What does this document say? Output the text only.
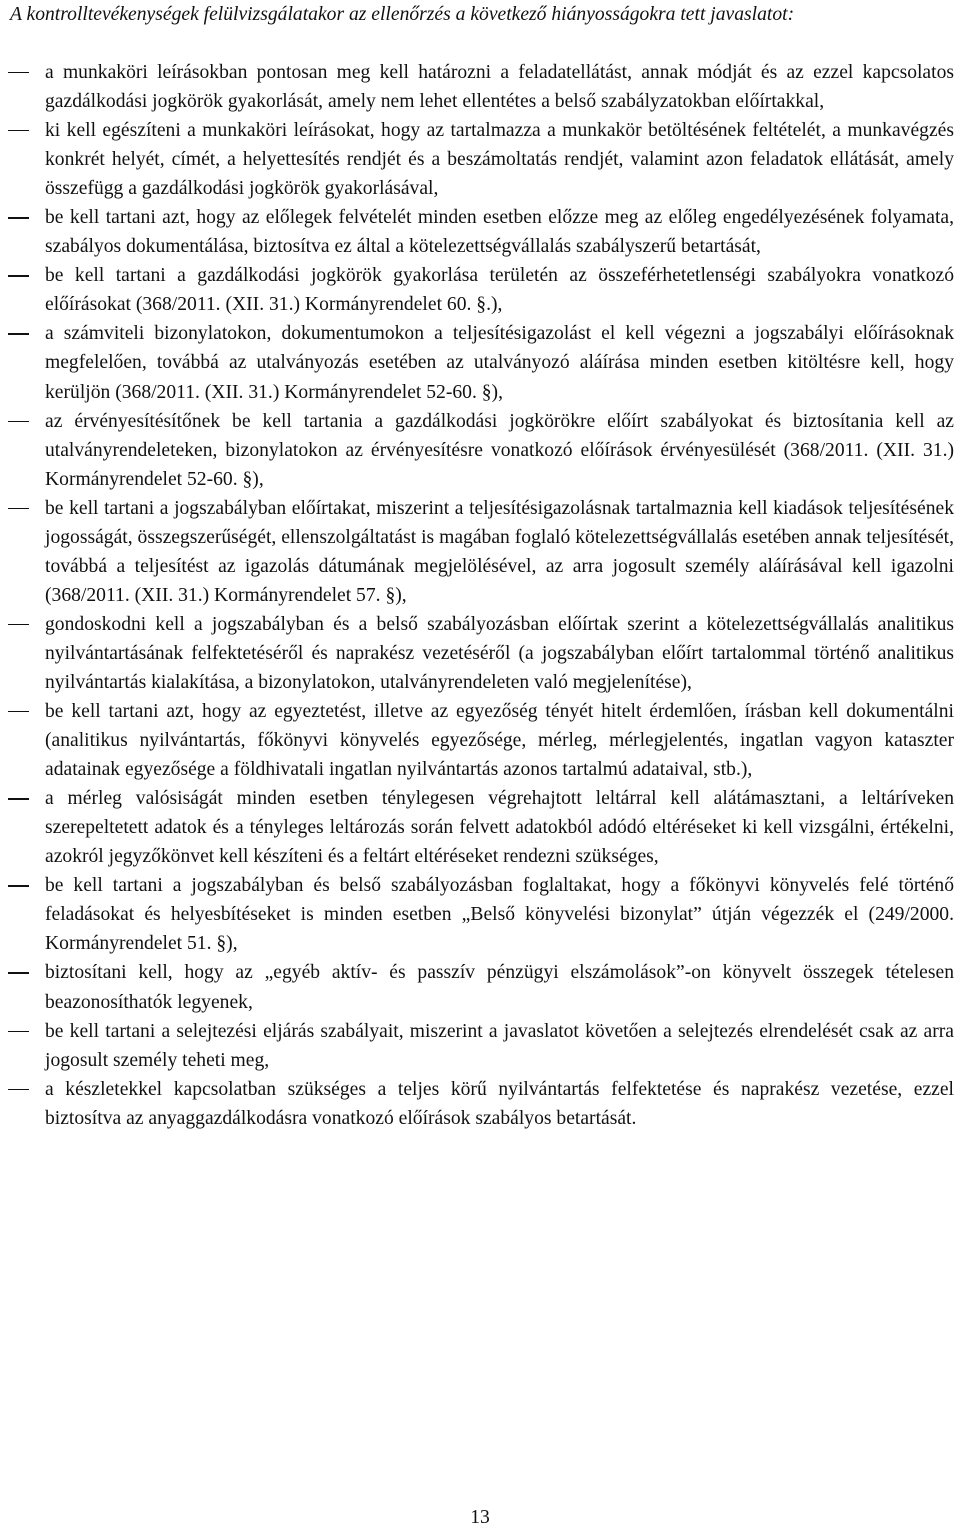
A kontrolltevékenységek felülvizsgálatakor az ellenőrzés a következő hiányosságokra tett javaslatot:

a munkaköri leírásokban pontosan meg kell határozni a feladatellátást, annak módját és az ezzel kapcsolatos gazdálkodási jogkörök gyakorlását, amely nem lehet ellentétes a belső szabályzatokban előírtakkal,
ki kell egészíteni a munkaköri leírásokat, hogy az tartalmazza a munkakör betöltésének feltételét, a munkavégzés konkrét helyét, címét, a helyettesítés rendjét és a beszámoltatás rendjét, valamint azon feladatok ellátását, amely összefügg a gazdálkodási jogkörök gyakorlásával,
be kell tartani azt, hogy az előlegek felvételét minden esetben előzze meg az előleg engedélyezésének folyamata, szabályos dokumentálása, biztosítva ez által a kötelezettségvállalás szabályszerű betartását,
be kell tartani a gazdálkodási jogkörök gyakorlása területén az összeférhetetlenségi szabályokra vonatkozó előírásokat (368/2011. (XII. 31.) Kormányrendelet 60. §.),
a számviteli bizonylatokon, dokumentumokon a teljesítésigazolást el kell végezni a jogszabályi előírásoknak megfelelően, továbbá az utalványozás esetében az utalványozó aláírása minden esetben kitöltésre kell, hogy kerüljön (368/2011. (XII. 31.) Kormányrendelet 52-60. §),
az érvényesítésítőnek be kell tartania a gazdálkodási jogkörökre előírt szabályokat és biztosítania kell az utalványrendeleteken, bizonylatokon az érvényesítésre vonatkozó előírások érvényesülését (368/2011. (XII. 31.) Kormányrendelet 52-60. §),
be kell tartani a jogszabályban előírtakat, miszerint a teljesítésigazolásnak tartalmaznia kell kiadások teljesítésének jogosságát, összegszerűségét, ellenszolgáltatást is magában foglaló kötelezettségvállalás esetében annak teljesítését, továbbá a teljesítést az igazolás dátumának megjelölésével, az arra jogosult személy aláírásával kell igazolni (368/2011. (XII. 31.) Kormányrendelet 57. §),
gondoskodni kell a jogszabályban és a belső szabályozásban előírtak szerint a kötelezettségvállalás analitikus nyilvántartásának felfektetéséről és naprakész vezetéséről (a jogszabályban előírt tartalommal történő analitikus nyilvántartás kialakítása, a bizonylatokon, utalványrendeleten való megjelenítése),
be kell tartani azt, hogy az egyeztetést, illetve az egyezőség tényét hitelt érdemlően, írásban kell dokumentálni (analitikus nyilvántartás, főkönyvi könyvelés egyezősége, mérleg, mérlegjelentés, ingatlan vagyon kataszter adatainak egyezősége a földhivatali ingatlan nyilvántartás azonos tartalmú adataival, stb.),
a mérleg valósiságát minden esetben ténylegesen végrehajtott leltárral kell alátámasztani, a leltáríveken szerepeltetett adatok és a tényleges leltározás során felvett adatokból adódó eltéréseket ki kell vizsgálni, értékelni, azokról jegyzőkönvet kell készíteni és a feltárt eltéréseket rendezni szükséges,
be kell tartani a jogszabályban és belső szabályozásban foglaltakat, hogy a főkönyvi könyvelés felé történő feladásokat és helyesbítéseket is minden esetben „Belső könyvelési bizonylat” útján végezzék el (249/2000. Kormányrendelet 51. §),
biztosítani kell, hogy az „egyéb aktív- és passzív pénzügyi elszámolások”-on könyvelt összegek tételesen beazonosíthatók legyenek,
be kell tartani a selejtezési eljárás szabályait, miszerint a javaslatot követően a selejtezés elrendelését csak az arra jogosult személy teheti meg,
a készletekkel kapcsolatban szükséges a teljes körű nyilvántartás felfektetése és naprakész vezetése, ezzel biztosítva az anyaggazdálkodásra vonatkozó előírások szabályos betartását.
13
